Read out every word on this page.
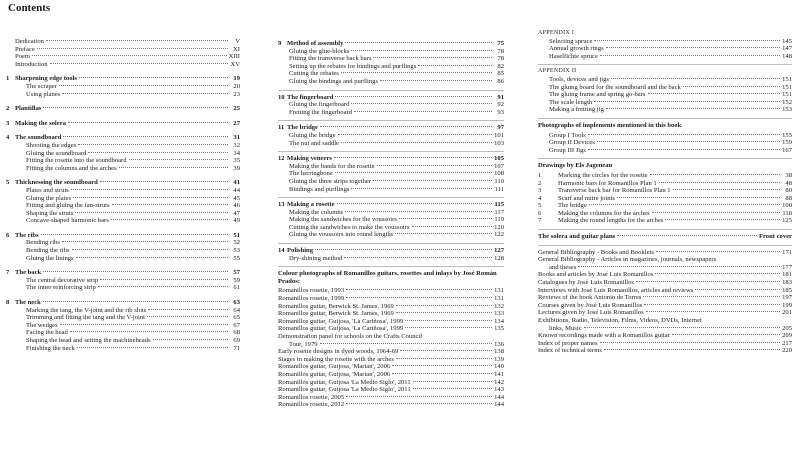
Contents
Dedication	V
Preface	XI
Poem	XIII
Introduction	XV
1 Sharpening edge tools	19
The scraper	20
Using planes	23
2 Plantillas	25
3 Making the solera	27
4 The soundboard	31
Shooting the edges	32
Gluing the soundboard	34
Fitting the rosette into the soundboard	35
Fitting the columns and the arches	39
5 Thicknessing the soundboard	41
Plates and struts	44
Gluing the plates	45
Fitting and gluing the fan-struts	46
Shaping the struts	47
Concave-shaped harmonic bars	49
6 The ribs	51
Bending ribs	52
Bending the ribs	53
Gluing the linings	55
7 The back	57
The central decorative strip	59
The inner reinforcing strip	61
8 The neck	63
Marking the tang, the V-joint and the rib slots	64
Trimming and fitting the tang and the V-joint	65
The wedges	67
Facing the head	68
Shaping the head and setting the machineheads	69
Finishing the neck	71
9 Method of assembly	75
Gluing the glue-blocks	78
Fitting the transverse back bars	78
Setting up the rebates for bindings and purflings	82
Cutting the rebates	85
Gluing the bindings and purflings	86
10 The fingerboard	91
Gluing the fingerboard	92
Fretting the fingerboard	93
11 The bridge	97
Gluing the bridge	101
The nut and saddle	103
12 Making veneers	105
Making the bands for the rosette	107
The herringbone	108
Gluing the three strips together	110
Bindings and purflings	111
13 Making a rosette	115
Making the columns	117
Making the sandwiches for the voussoirs	119
Cutting the sandwiches to make the voussoirs	120
Gluing the voussoirs into round lengths	122
14 Polishing	127
Dry-shining method	128
Colour photographs of Romanillos guitars, rosettes and inlays by José Román Prados:
Romanillos rosette, 1993	131
Romanillos rosette, 1999	131
Romanillos guitar, Berwick St. James, 1969	132
Romanillos guitar, Berwick St. James, 1969	133
Romanillos guitar, Guijosa, 'La Cariñosa', 1999	134
Romanillos guitar, Guijosa, 'La Cariñosa', 1999	135
Demonstration panel for schools on the Crafts Council
Tour, 1979	136
Early rosette designs in dyed woods, 1964-69	138
Stages in making the rosette with the arches	139
Romanillos guitar, Guijosa, 'Marian', 2006	140
Romanillos guitar, Guijosa, 'Marian', 2006	141
Romanillos guitar, Guijosa 'La Medio Siglo', 2011	142
Romanillos guitar, Guijosa 'La Medio Siglo', 2011	143
Romanillos rosette, 2005	144
Romanillos rosette, 2012	144
APPENDIX I
Selecting spruce	145
Annual growth rings	147
Haselfichte spruce	148
APPENDIX II
Tools, devices and jigs	151
The gluing board for the soundboard and the back	151
The gluing frame and spring go-bars	151
The scale length	152
Making a fretting jig	153
Photographs of implements mentioned in this book
Group I Tools	155
Group II Devices	159
Group III Jigs	167
Drawings by Els Jageneau
1	Marking the circles for the rosette	38
2	Harmonic bars for Romanillos Plan 1	48
3	Transverse back bar for Romanillos Plan 1	80
4	Scarf and mitre joints	88
5	The bridge	100
6	Making the columns for the arches	118
7	Making the round lengths for the arches	125
The solera and guitar plans	Front cover
General Bibliography - Books and Booklets	171
General Bibliography - Articles in magazines, journals, newspapers
and theses	177
Books and articles by José Luis Romanillos	181
Catalogues by José Luis Romanillos	183
Interviews with José Luis Romanillos, articles and reviews	185
Reviews of the book Antonio de Torres	197
Courses given by José Luis Romanillos	199
Lectures given by José Luis Romanillos	201
Exhibitions, Radio, Television, Films, Videos, DVDs, Internet
links, Music	205
Known recordings made with a Romanillos guitar	209
Index of proper names	217
Index of technical terms	220
